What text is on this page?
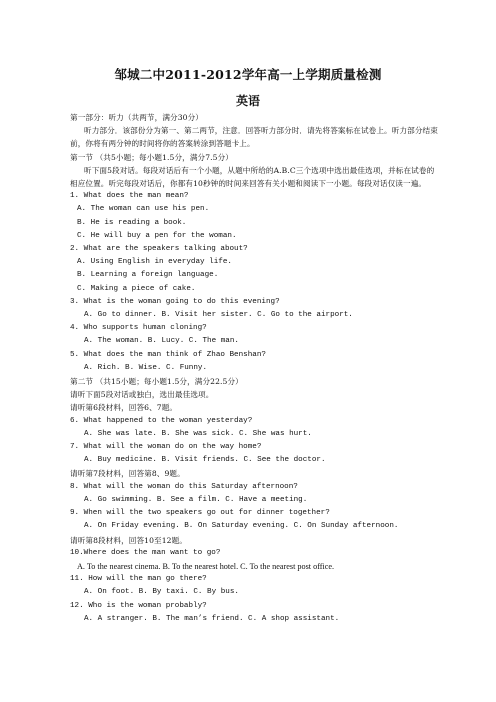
邹城二中2011-2012学年高一上学期质量检测
英语
第一部分：听力（共两节，满分30分）
听力部分．该部份分为第一、第二两节，注意．回答听力部分时．请先将答案标在试卷上。听力部分结束前，你将有两分钟的时间将你的答案转涂到答题卡上。
第一节 （共5小题；每小题1.5分，满分7.5分）
听下面5段对话。每段对话后有一个小题，从题中所给的A.B.C三个选项中选出最佳选项，并标在试卷的相应位置。听完每段对话后，你都有10秒钟的时间来回答有关小题和阅读下一小题。每段对话仅读一遍。
1. What does the man mean?
A. The woman can use his pen.
B. He is reading a book.
C. He will buy a pen for the woman.
2. What are the speakers talking about?
A. Using English in everyday life.
B. Learning a foreign language.
C. Making a piece of cake.
3. What is the woman going to do this evening?
A. Go to dinner. B. Visit her sister. C. Go to the airport.
4. Who supports human cloning?
A. The woman. B. Lucy. C. The man.
5. What does the man think of Zhao Benshan?
A. Rich. B. Wise. C. Funny.
第二节 （共15小题；每小题1.5分，满分22.5分）
请听下面5段对话或独白，选出最佳选项。
请听第6段材料，回答6、7题。
6. What happened to the woman yesterday?
A. She was late. B. She was sick. C. She was hurt.
7. What will the woman do on the way home?
A. Buy medicine. B. Visit friends. C. See the doctor.
请听第7段材料，回答第8、9题。
8. What will the woman do this Saturday afternoon?
A. Go swimming. B. See a film. C. Have a meeting.
9. When will the two speakers go out for dinner together?
A. On Friday evening. B. On Saturday evening. C. On Sunday afternoon.
请听第8段材料，回答10至12题。
10.Where does the man want to go?
A. To the nearest cinema. B. To the nearest hotel. C. To the nearest post office.
11. How will the man go there?
A. On foot. B. By taxi. C. By bus.
12. Who is the woman probably?
A. A stranger. B. The man’s friend. C. A shop assistant.
